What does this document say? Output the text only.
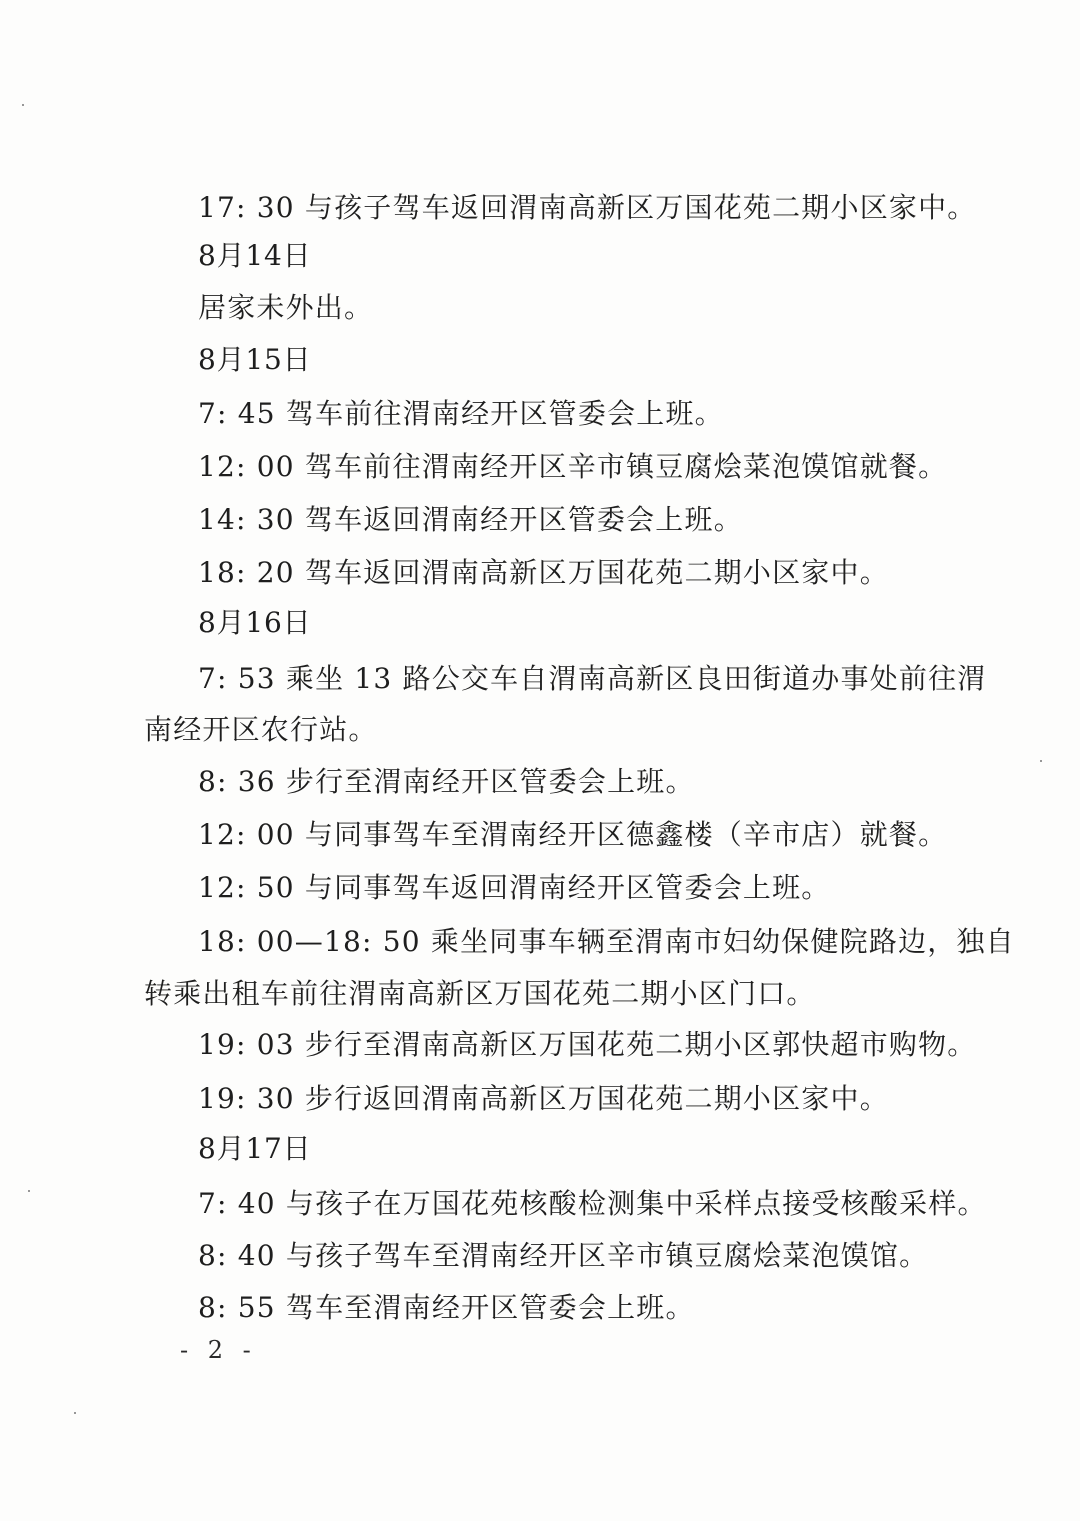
17: 30 与孩子驾车返回渭南高新区万国花苑二期小区家中。

8月14日

居家未外出。

8月15日

7: 45 驾车前往渭南经开区管委会上班。

12: 00 驾车前往渭南经开区辛市镇豆腐烩菜泡馍馆就餐。

14: 30 驾车返回渭南经开区管委会上班。

18: 20 驾车返回渭南高新区万国花苑二期小区家中。

8月16日

7: 53 乘坐 13 路公交车自渭南高新区良田街道办事处前往渭

南经开区农行站。

8: 36 步行至渭南经开区管委会上班。

12: 00 与同事驾车至渭南经开区德鑫楼（辛市店）就餐。

12: 50 与同事驾车返回渭南经开区管委会上班。

18: 00—18: 50 乘坐同事车辆至渭南市妇幼保健院路边，独自

转乘出租车前往渭南高新区万国花苑二期小区门口。

19: 03 步行至渭南高新区万国花苑二期小区郭快超市购物。

19: 30 步行返回渭南高新区万国花苑二期小区家中。

8月17日

7: 40 与孩子在万国花苑核酸检测集中采样点接受核酸采样。

8: 40 与孩子驾车至渭南经开区辛市镇豆腐烩菜泡馍馆。

8: 55 驾车至渭南经开区管委会上班。

- 2 -
